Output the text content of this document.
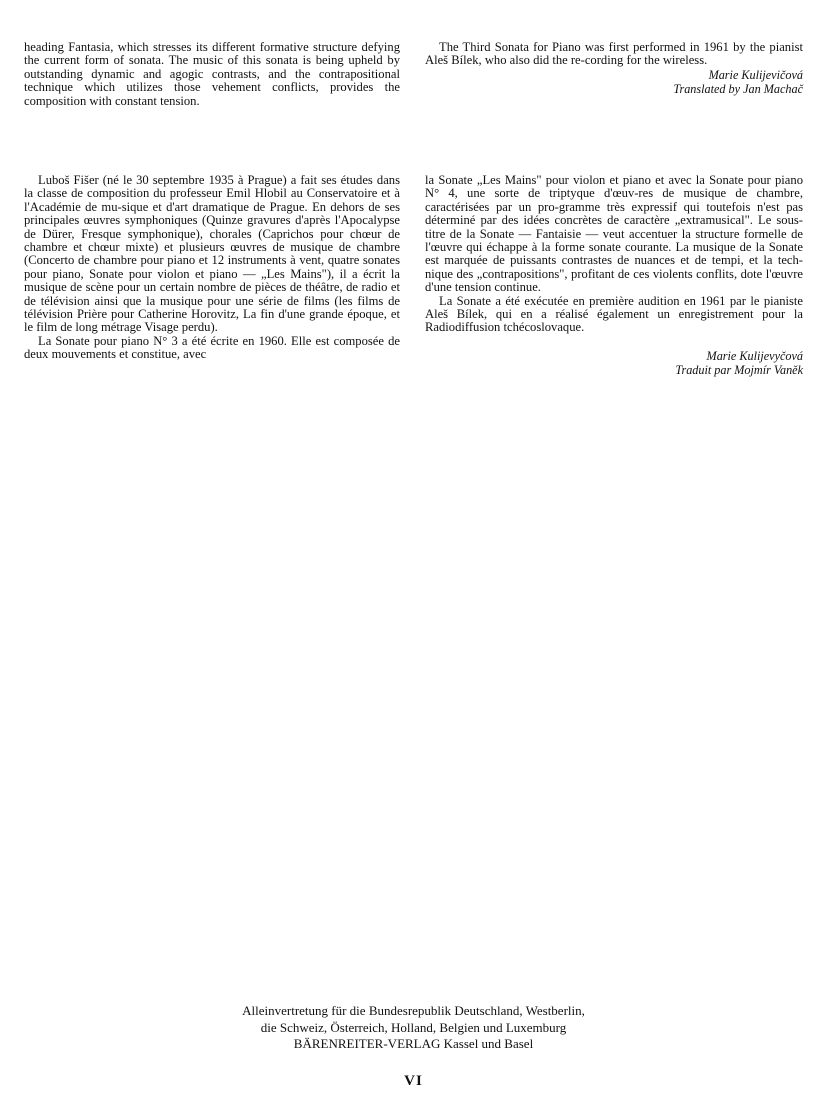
heading Fantasia, which stresses its different formative structure defying the current form of sonata. The music of this sonata is being upheld by outstanding dynamic and agogic contrasts, and the contrapositional technique which utilizes those vehement conflicts, provides the composition with constant tension.

The Third Sonata for Piano was first performed in 1961 by the pianist Aleš Bílek, who also did the re-cording for the wireless.

Marie Kulijevičová
Translated by Jan Machač

Luboš Fišer (né le 30 septembre 1935 à Prague) a fait ses études dans la classe de composition du professeur Emil Hlobil au Conservatoire et à l'Académie de mu-sique et d'art dramatique de Prague. En dehors de ses principales œuvres symphoniques (Quinze gravures d'après l'Apocalypse de Dürer, Fresque symphonique), chorales (Caprichos pour chœur de chambre et chœur mixte) et plusieurs œuvres de musique de chambre (Concerto de chambre pour piano et 12 instruments à vent, quatre sonates pour piano, Sonate pour violon et piano — „Les Mains"), il a écrit la musique de scène pour un certain nombre de pièces de théâtre, de radio et de télévision ainsi que la musique pour une série de films (les films de télévision Prière pour Catherine Horovitz, La fin d'une grande époque, et le film de long métrage Visage perdu).

La Sonate pour piano N° 3 a été écrite en 1960. Elle est composée de deux mouvements et constitue, avec

la Sonate „Les Mains" pour violon et piano et avec la Sonate pour piano N° 4, une sorte de triptyque d'œuv-res de musique de chambre, caractérisées par un pro-gramme très expressif qui toutefois n'est pas déterminé par des idées concrètes de caractère „extramusical". Le sous-titre de la Sonate — Fantaisie — veut accentuer la structure formelle de l'œuvre qui échappe à la forme sonate courante. La musique de la Sonate est marquée de puissants contrastes de nuances et de tempi, et la tech-nique des „contrapositions", profitant de ces violents conflits, dote l'œuvre d'une tension continue.

La Sonate a été exécutée en première audition en 1961 par le pianiste Aleš Bílek, qui en a réalisé également un enregistrement pour la Radiodiffusion tchécoslovaque.

Marie Kulijevyčová
Traduit par Mojmír Vaněk
Alleinvertretung für die Bundesrepublik Deutschland, Westberlin,
die Schweiz, Österreich, Holland, Belgien und Luxemburg
BÄRENREITER-VERLAG Kassel und Basel
VI
